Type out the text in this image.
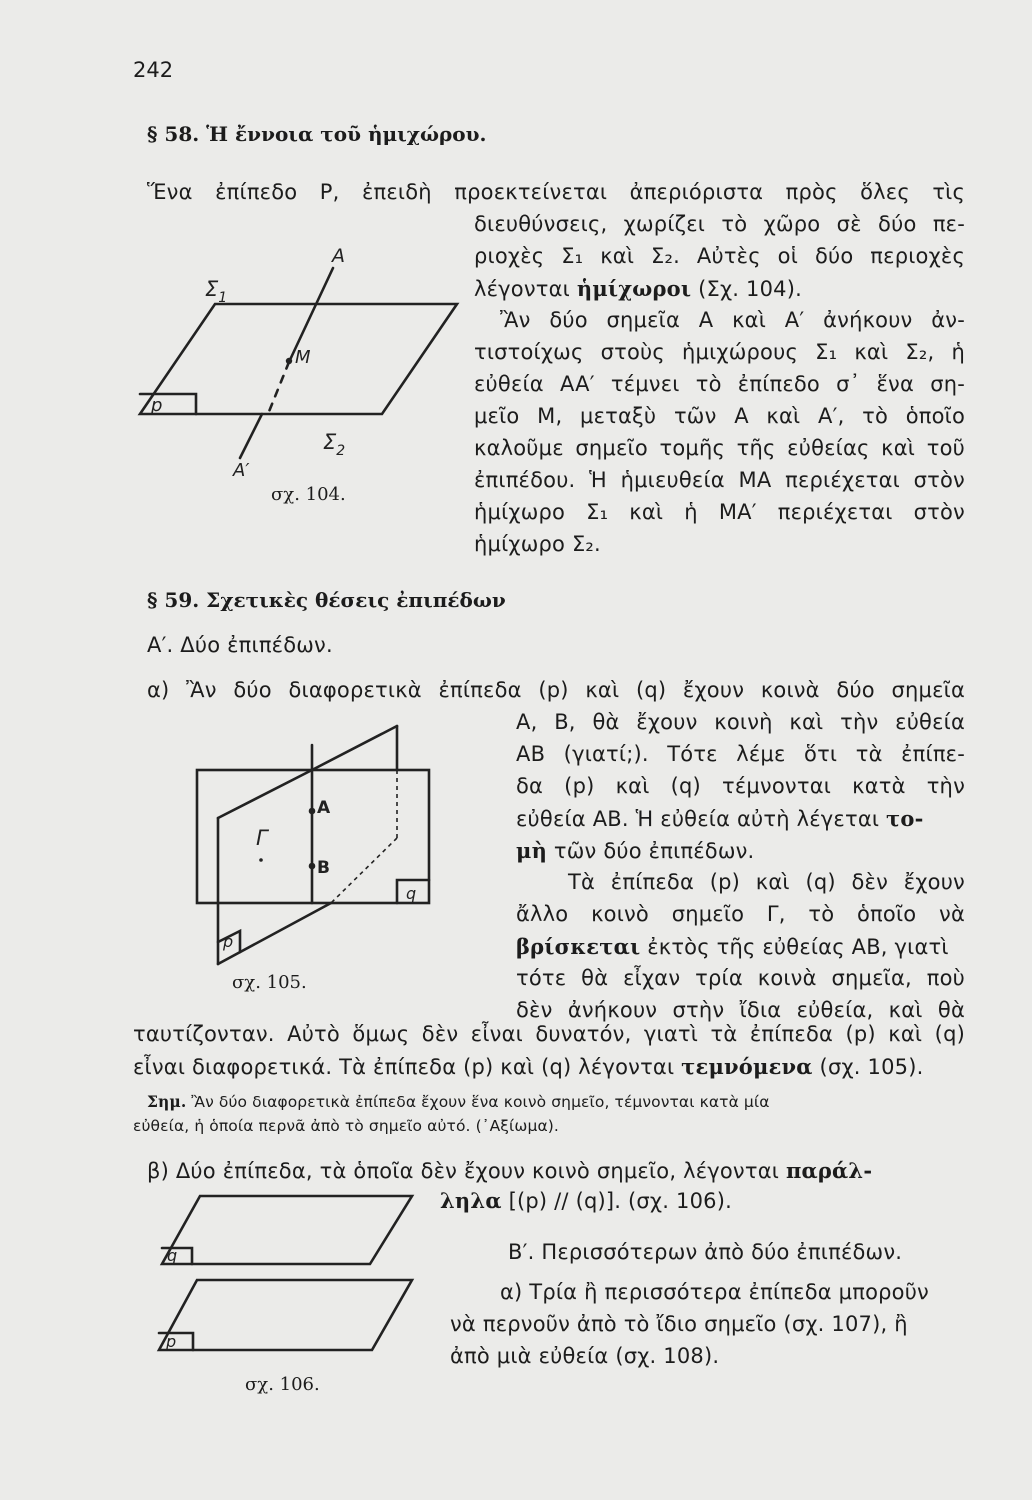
242
§ 58. Ἡ ἔννοια τοῦ ἡμιχώρου.
Ἕνα ἐπίπεδο P, ἐπειδὴ προεκτείνεται ἀπεριόριστα πρὸς ὅλες τὶς
διευθύνσεις, χωρίζει τὸ χῶρο σὲ δύο πε-
ριοχὲς Σ₁ καὶ Σ₂. Αὐτὲς οἱ δύο περιοχὲς
λέγονται ἡμίχωροι (Σχ. 104).
Ἂν δύο σημεῖα A καὶ A′ ἀνήκουν ἀν-
τιστοίχως στοὺς ἡμιχώρους Σ₁ καὶ Σ₂, ἡ
εὐθεία AA′ τέμνει τὸ ἐπίπεδο σ᾿ ἕνα ση-
μεῖο M, μεταξὺ τῶν A καὶ A′, τὸ ὁποῖο
καλοῦμε σημεῖο τομῆς τῆς εὐθείας καὶ τοῦ
ἐπιπέδου. Ἡ ἡμιευθεία MA περιέχεται στὸν
ἡμίχωρο Σ₁ καὶ ἡ MA′ περιέχεται στὸν
ἡμίχωρο Σ₂.
A
M
A′
p
$\Sigma_1$
$\Sigma_2$
σχ. 104.
§ 59. Σχετικὲς θέσεις ἐπιπέδων
A′. Δύο ἐπιπέδων.
α) Ἂν δύο διαφορετικὰ ἐπίπεδα (p) καὶ (q) ἔχουν κοινὰ δύο σημεῖα
A, B, θὰ ἔχουν κοινὴ καὶ τὴν εὐθεία
AB (γιατί;). Τότε λέμε ὅτι τὰ ἐπίπε-
δα (p) καὶ (q) τέμνονται κατὰ τὴν
εὐθεία AB. Ἡ εὐθεία αὐτὴ λέγεται το-
μὴ τῶν δύο ἐπιπέδων.
Τὰ ἐπίπεδα (p) καὶ (q) δὲν ἔχουν
ἄλλο κοινὸ σημεῖο Γ, τὸ ὁποῖο νὰ
βρίσκεται ἐκτὸς τῆς εὐθείας AB, γιατὶ
τότε θὰ εἶχαν τρία κοινὰ σημεῖα, ποὺ
δὲν ἀνήκουν στὴν ἴδια εὐθεία, καὶ θὰ
ταυτίζονταν. Αὐτὸ ὅμως δὲν εἶναι δυνατόν, γιατὶ τὰ ἐπίπεδα (p) καὶ (q)
εἶναι διαφορετικά. Τὰ ἐπίπεδα (p) καὶ (q) λέγονται τεμνόμενα (σχ. 105).
Σημ. Ἂν δύο διαφορετικὰ ἐπίπεδα ἔχουν ἕνα κοινὸ σημεῖο, τέμνονται κατὰ μία
εὐθεία, ἡ ὁποία περνᾶ ἀπὸ τὸ σημεῖο αὐτό. (᾿Αξίωμα).
β) Δύο ἐπίπεδα, τὰ ὁποῖα δὲν ἔχουν κοινὸ σημεῖο, λέγονται παράλ-
ληλα [(p) // (q)]. (σχ. 106).
B′. Περισσότερων ἀπὸ δύο ἐπιπέδων.
α) Τρία ἢ περισσότερα ἐπίπεδα μποροῦν
νὰ περνοῦν ἀπὸ τὸ ἴδιο σημεῖο (σχ. 107), ἢ
ἀπὸ μιὰ εὐθεία (σχ. 108).
A
B
Γ
p
q
σχ. 105.
q
p
σχ. 106.
